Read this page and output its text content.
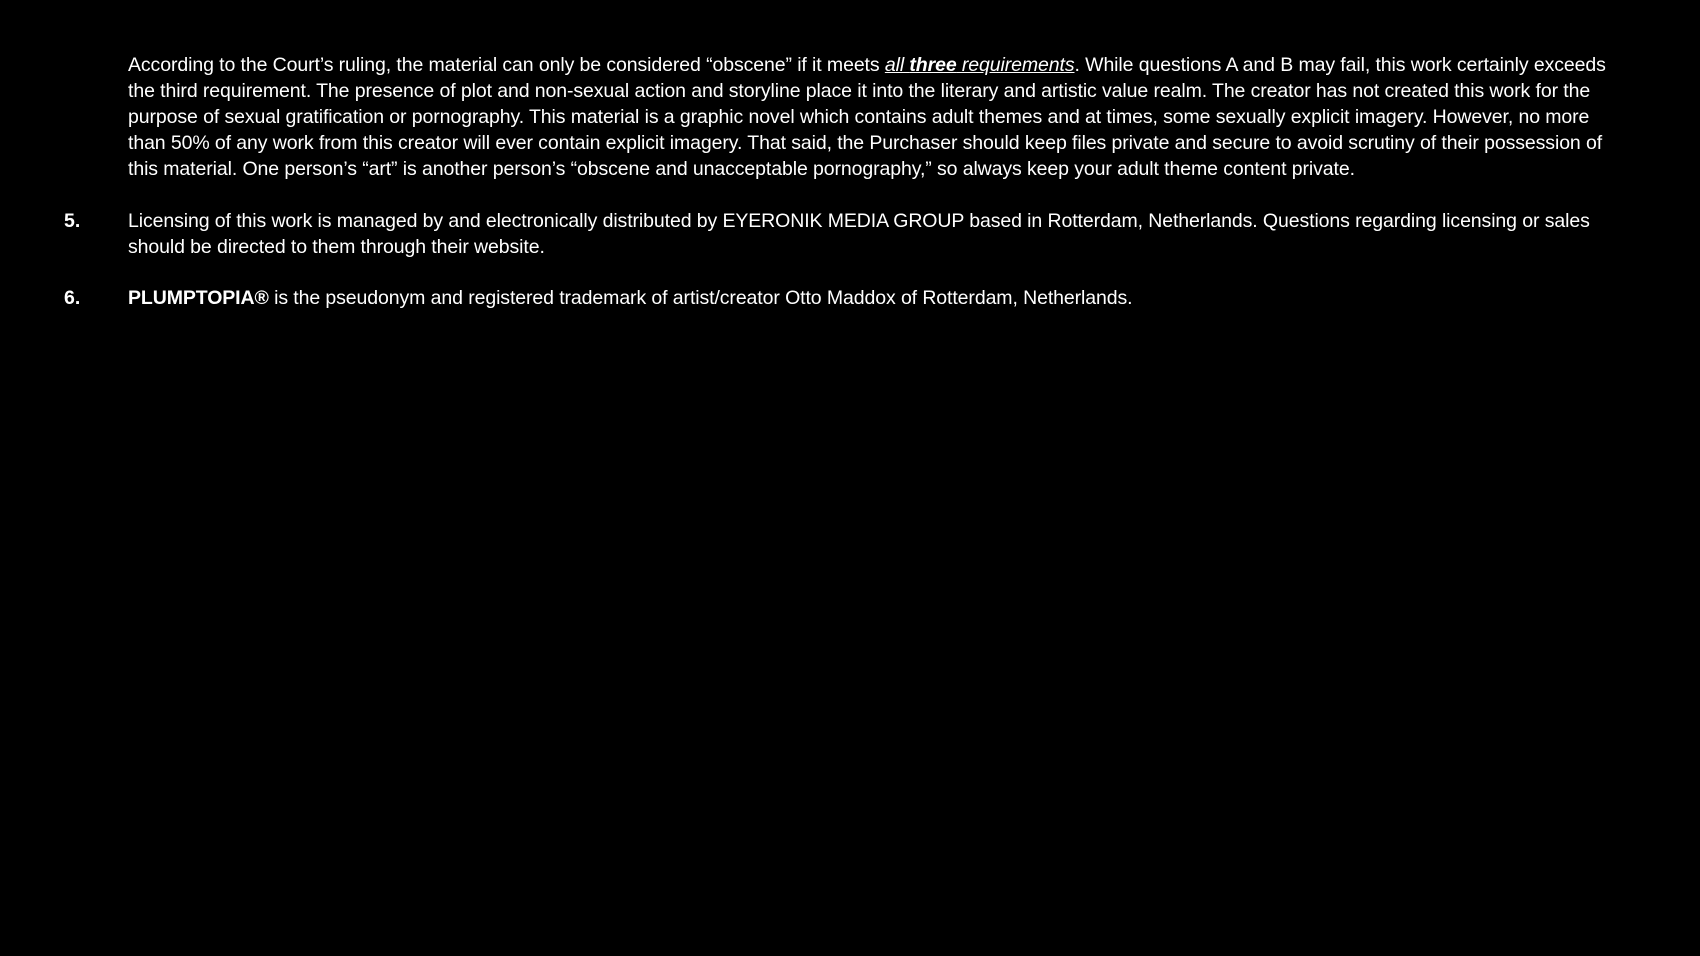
According to the Court’s ruling, the material can only be considered “obscene” if it meets all three requirements. While questions A and B may fail, this work certainly exceeds the third requirement. The presence of plot and non-sexual action and storyline place it into the literary and artistic value realm. The creator has not created this work for the purpose of sexual gratification or pornography. This material is a graphic novel which contains adult themes and at times, some sexually explicit imagery. However, no more than 50% of any work from this creator will ever contain explicit imagery. That said, the Purchaser should keep files private and secure to avoid scrutiny of their possession of this material. One person’s “art” is another person’s “obscene and unacceptable pornography,” so always keep your adult theme content private.

5. Licensing of this work is managed by and electronically distributed by EYERONIK MEDIA GROUP based in Rotterdam, Netherlands. Questions regarding licensing or sales should be directed to them through their website.

6. PLUMPTOPIA® is the pseudonym and registered trademark of artist/creator Otto Maddox of Rotterdam, Netherlands.
